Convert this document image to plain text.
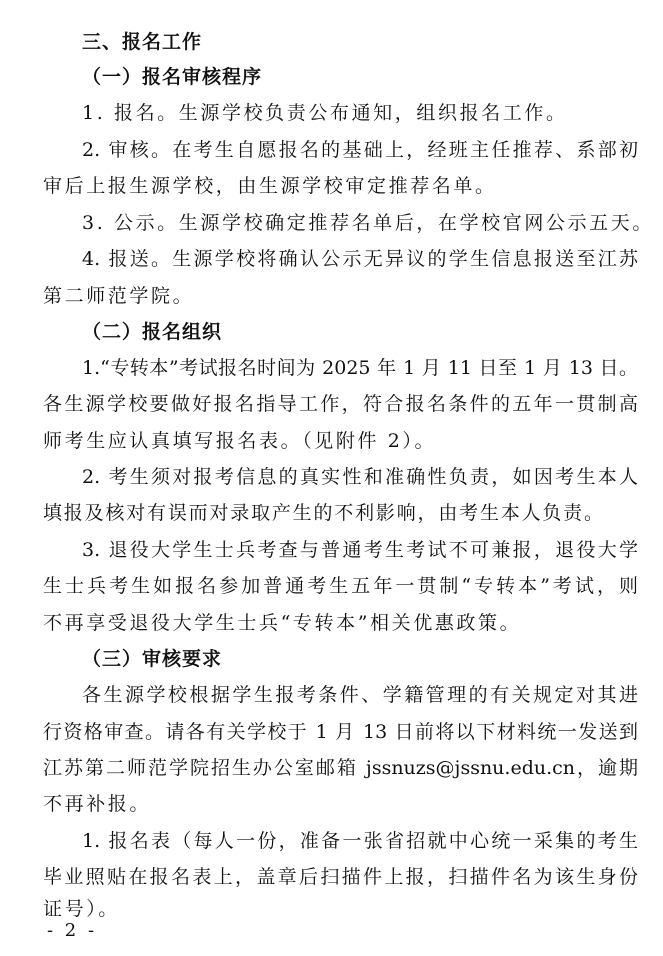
三、报名工作
（一）报名审核程序
1. 报名。生源学校负责公布通知，组织报名工作。
2. 审核。在考生自愿报名的基础上，经班主任推荐、系部初
审后上报生源学校，由生源学校审定推荐名单。
3. 公示。生源学校确定推荐名单后，在学校官网公示五天。
4. 报送。生源学校将确认公示无异议的学生信息报送至江苏
第二师范学院。
（二）报名组织
1.“专转本”考试报名时间为 2025 年 1 月 11 日至 1 月 13 日。
各生源学校要做好报名指导工作，符合报名条件的五年一贯制高
师考生应认真填写报名表。（见附件 2）。
2. 考生须对报考信息的真实性和准确性负责，如因考生本人
填报及核对有误而对录取产生的不利影响，由考生本人负责。
3. 退役大学生士兵考查与普通考生考试不可兼报，退役大学
生士兵考生如报名参加普通考生五年一贯制“专转本”考试，则
不再享受退役大学生士兵“专转本”相关优惠政策。
（三）审核要求
各生源学校根据学生报考条件、学籍管理的有关规定对其进
行资格审查。请各有关学校于 1 月 13 日前将以下材料统一发送到
江苏第二师范学院招生办公室邮箱 jssnuzs@jssnu.edu.cn，逾期
不再补报。
1. 报名表（每人一份，准备一张省招就中心统一采集的考生
毕业照贴在报名表上，盖章后扫描件上报，扫描件名为该生身份
证号）。
- 2 -
